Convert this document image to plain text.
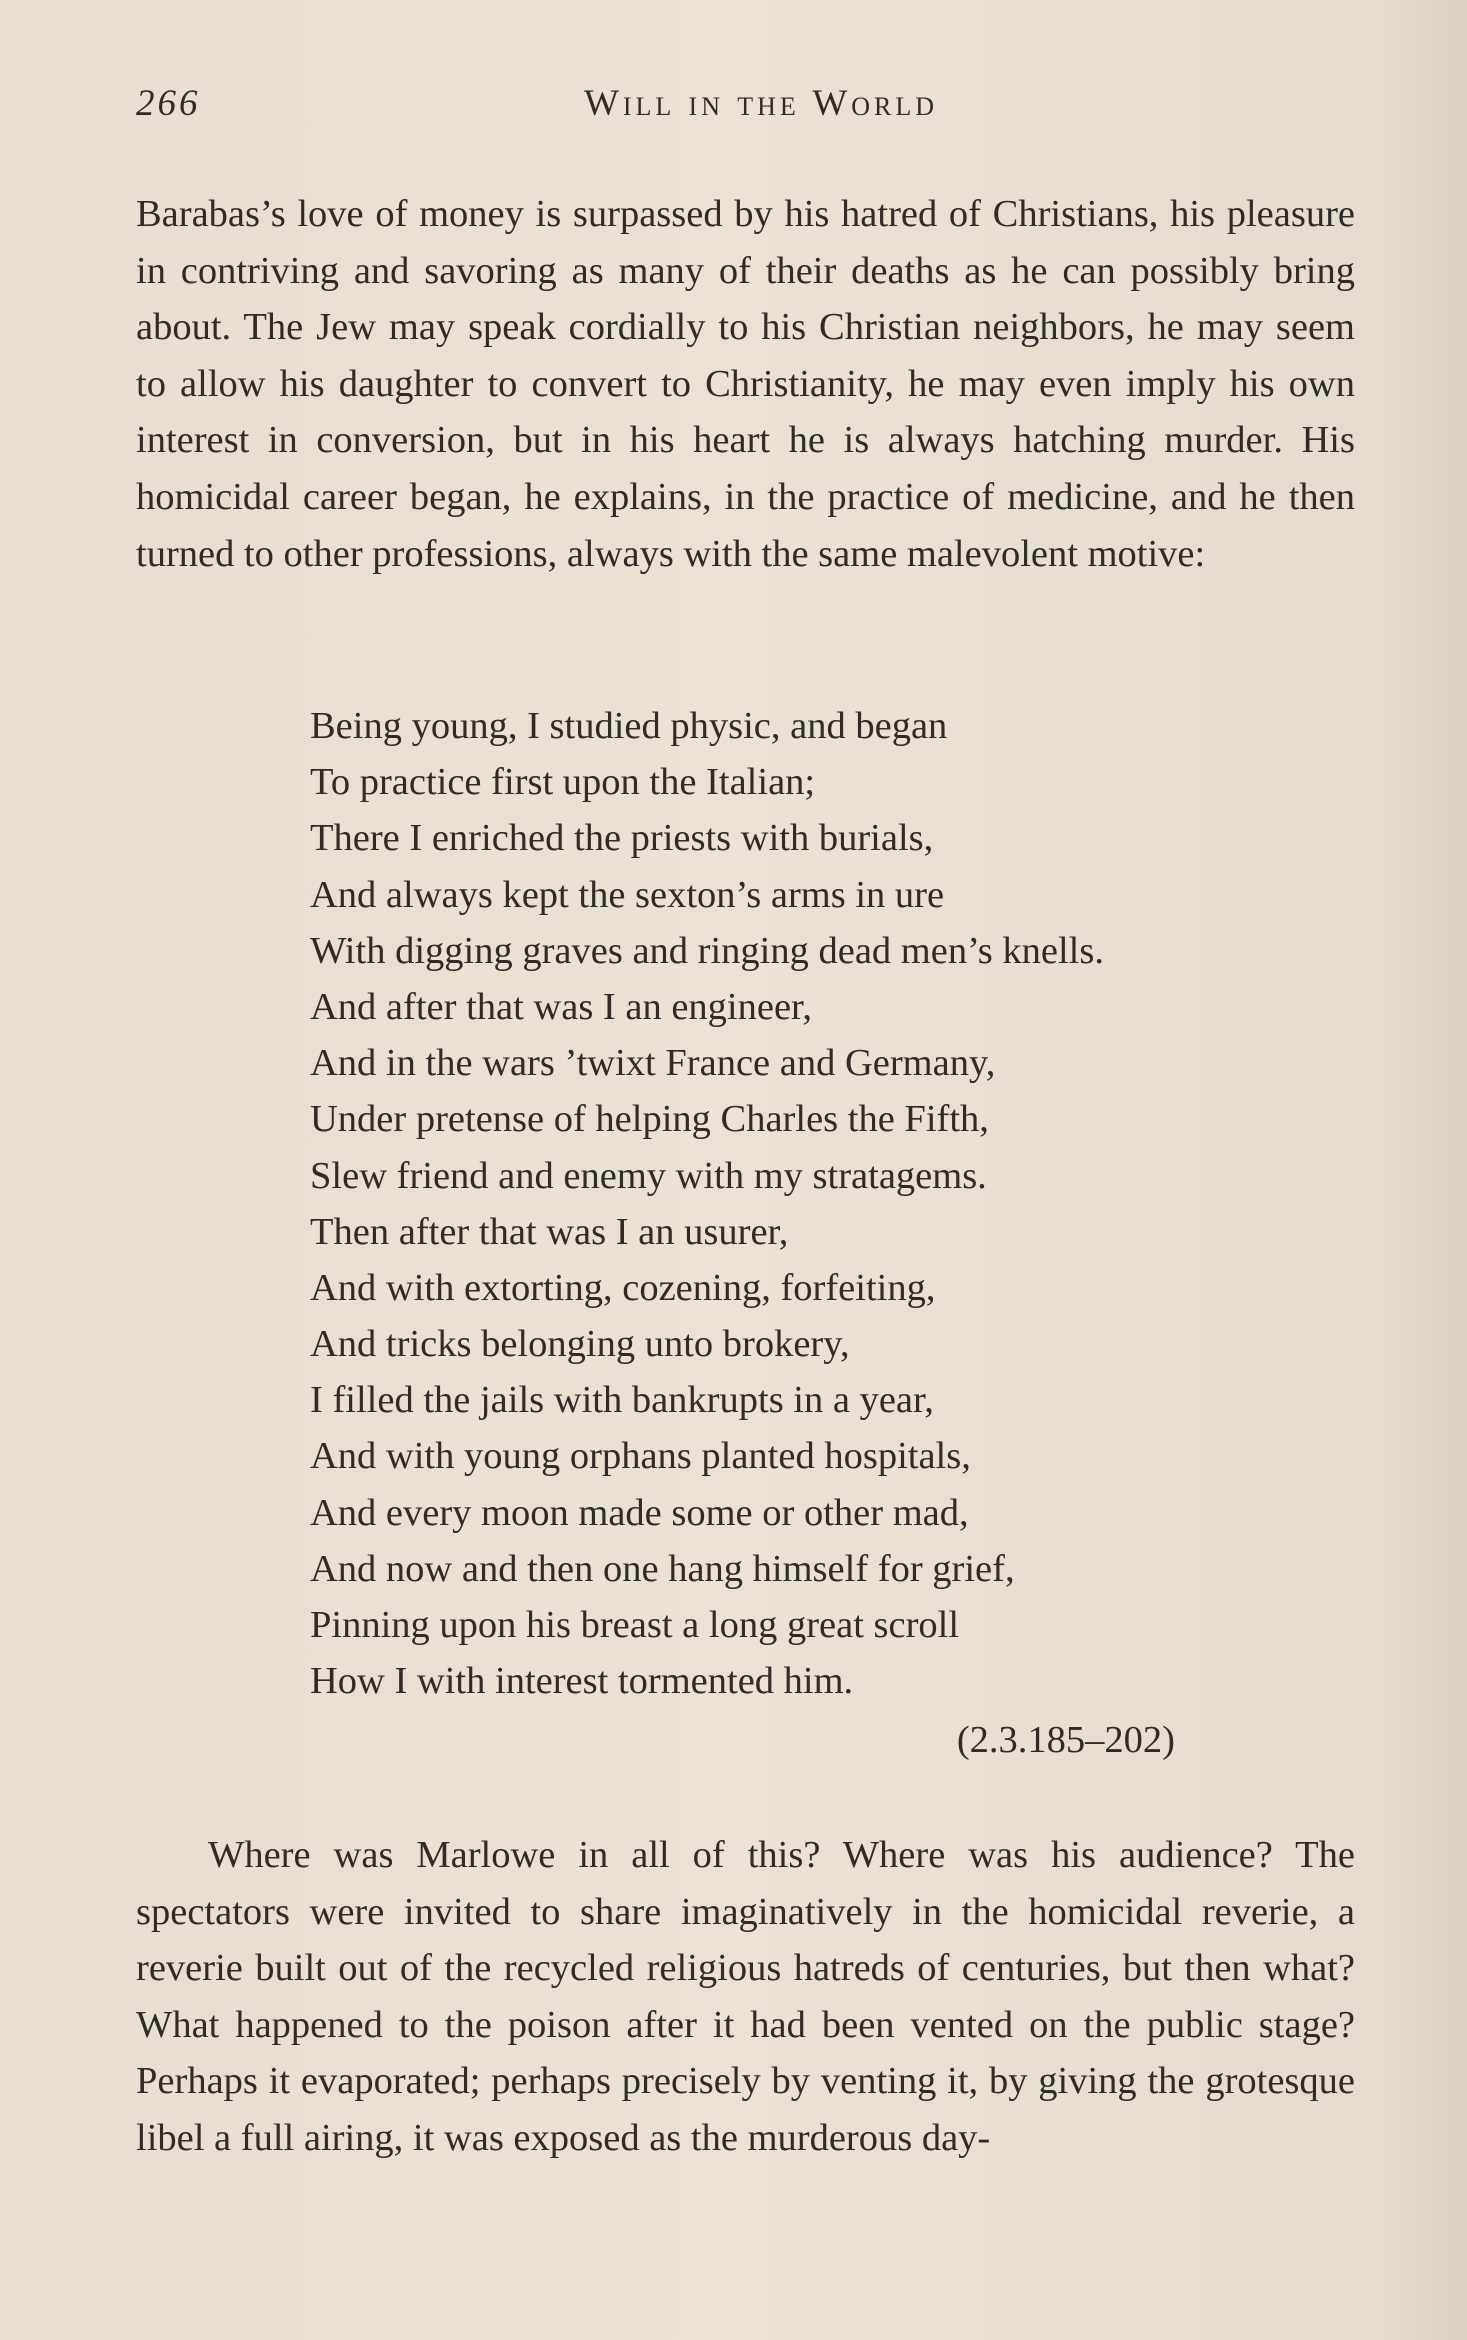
266	Will in the World

Barabas’s love of money is surpassed by his hatred of Christians, his pleasure in contriving and savoring as many of their deaths as he can possibly bring about. The Jew may speak cordially to his Christian neighbors, he may seem to allow his daughter to convert to Christianity, he may even imply his own interest in conversion, but in his heart he is always hatching murder. His homicidal career began, he explains, in the practice of medicine, and he then turned to other professions, always with the same malevolent motive:

Being young, I studied physic, and began
To practice first upon the Italian;
There I enriched the priests with burials,
And always kept the sexton’s arms in ure
With digging graves and ringing dead men’s knells.
And after that was I an engineer,
And in the wars ’twixt France and Germany,
Under pretense of helping Charles the Fifth,
Slew friend and enemy with my stratagems.
Then after that was I an usurer,
And with extorting, cozening, forfeiting,
And tricks belonging unto brokery,
I filled the jails with bankrupts in a year,
And with young orphans planted hospitals,
And every moon made some or other mad,
And now and then one hang himself for grief,
Pinning upon his breast a long great scroll
How I with interest tormented him.
(2.3.185–202)

Where was Marlowe in all of this? Where was his audience? The spectators were invited to share imaginatively in the homicidal reverie, a reverie built out of the recycled religious hatreds of centuries, but then what? What happened to the poison after it had been vented on the public stage? Perhaps it evaporated; perhaps precisely by venting it, by giving the grotesque libel a full airing, it was exposed as the murderous day-
